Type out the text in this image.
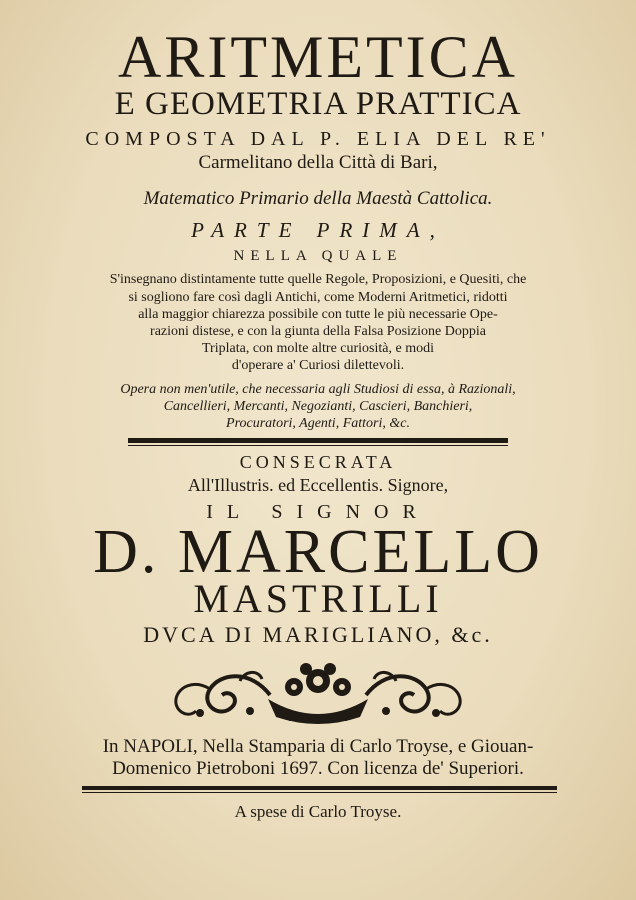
ARITMETICA
E GEOMETRIA PRATTICA
COMPOSTA DAL P. ELIA DEL RE'
Carmelitano della Città di Bari,
Matematico Primario della Maestà Cattolica.
PARTE PRIMA,
NELLA QUALE
S'insegnano distintamente tutte quelle Regole, Proposizioni, e Quesiti, che
si sogliono fare così dagli Antichi, come Moderni Aritmetici, ridotti
alla maggior chiarezza possibile con tutte le più necessarie Ope-
razioni distese, e con la giunta della Falsa Posizione Doppia
Triplata, con molte altre curiosità, e modi
d'operare a' Curiosi dilettevoli.
Opera non men'utile, che necessaria agli Studiosi di essa, à Razionali,
Cancellieri, Mercanti, Negozianti, Cascieri, Banchieri,
Procuratori, Agenti, Fattori, &c.
CONSECRATA
All'Illustris. ed Eccellentis. Signore,
IL SIGNOR
D. MARCELLO
MASTRILLI
DVCA DI MARIGLIANO, &c.
In NAPOLI, Nella Stamparia di Carlo Troyse, e Giouan-
Domenico Pietroboni 1697. Con licenza de' Superiori.
A spese di Carlo Troyse.
